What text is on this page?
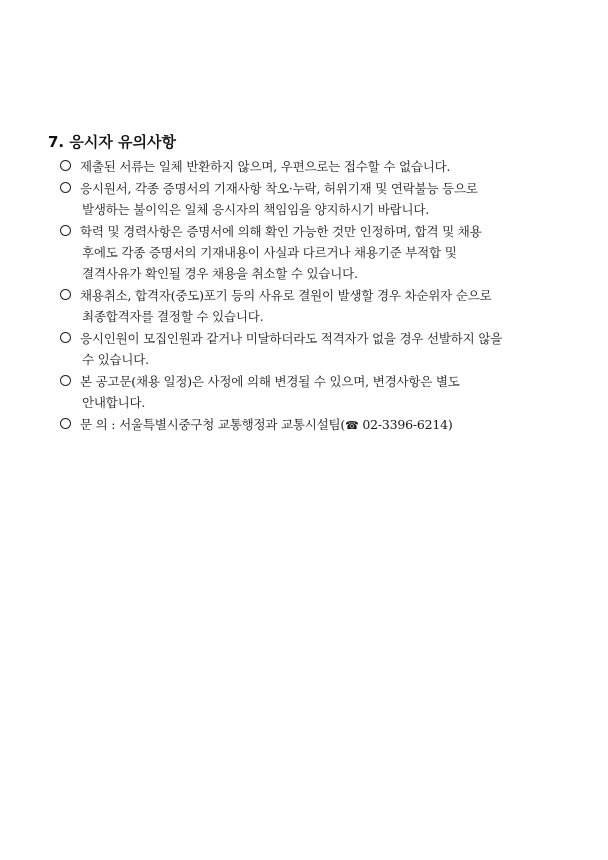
7. 응시자 유의사항
제출된 서류는 일체 반환하지 않으며, 우편으로는 접수할 수 없습니다.
응시원서, 각종 증명서의 기재사항 착오·누락, 허위기재 및 연락불능 등으로
발생하는 불이익은 일체 응시자의 책임임을 양지하시기 바랍니다.
학력 및 경력사항은 증명서에 의해 확인 가능한 것만 인정하며, 합격 및 채용
후에도 각종 증명서의 기재내용이 사실과 다르거나 채용기준 부적합 및
결격사유가 확인될 경우 채용을 취소할 수 있습니다.
채용취소, 합격자(중도)포기 등의 사유로 결원이 발생할 경우 차순위자 순으로
최종합격자를 결정할 수 있습니다.
응시인원이 모집인원과 같거나 미달하더라도 적격자가 없을 경우 선발하지 않을
수 있습니다.
본 공고문(채용 일정)은 사정에 의해 변경될 수 있으며, 변경사항은 별도
안내합니다.
문 의 : 서울특별시중구청 교통행정과 교통시설팀(☎ 02-3396-6214)
